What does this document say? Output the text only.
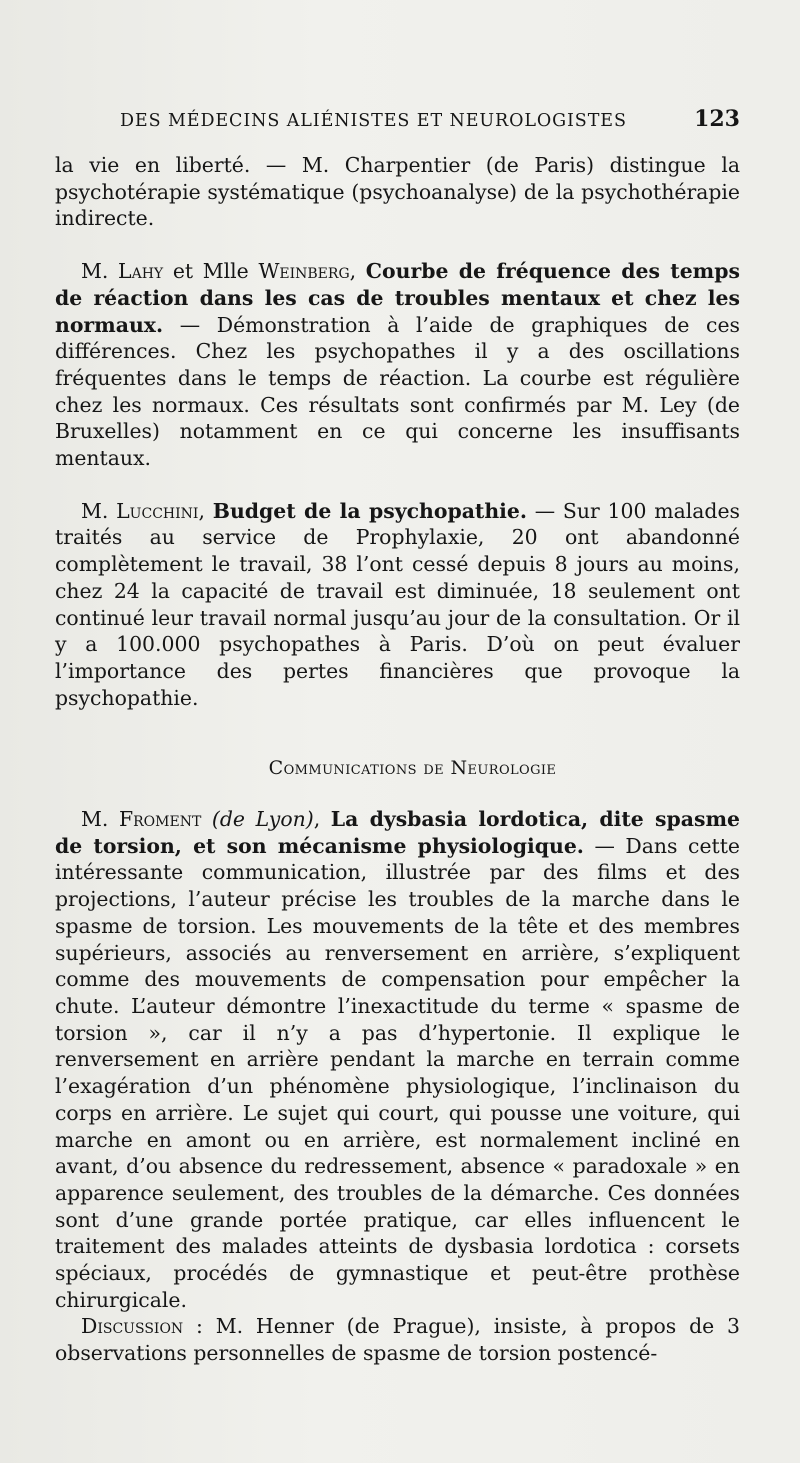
DES MÉDECINS ALIÉNISTES ET NEUROLOGISTES	123

la vie en liberté. — M. Charpentier (de Paris) distingue la psychotérapie systématique (psychoanalyse) de la psychothérapie indirecte.

M. Lahy et Mlle Weinberg, Courbe de fréquence des temps de réaction dans les cas de troubles mentaux et chez les normaux. — Démonstration à l’aide de graphiques de ces différences. Chez les psychopathes il y a des oscillations fréquentes dans le temps de réaction. La courbe est régulière chez les normaux. Ces résultats sont confirmés par M. Ley (de Bruxelles) notamment en ce qui concerne les insuffisants mentaux.

M. Lucchini, Budget de la psychopathie. — Sur 100 malades traités au service de Prophylaxie, 20 ont abandonné complètement le travail, 38 l’ont cessé depuis 8 jours au moins, chez 24 la capacité de travail est diminuée, 18 seulement ont continué leur travail normal jusqu’au jour de la consultation. Or il y a 100.000 psychopathes à Paris. D’où on peut évaluer l’importance des pertes financières que provoque la psychopathie.

Communications de Neurologie

M. Froment (de Lyon), La dysbasia lordotica, dite spasme de torsion, et son mécanisme physiologique. — Dans cette intéressante communication, illustrée par des films et des projections, l’auteur précise les troubles de la marche dans le spasme de torsion. Les mouvements de la tête et des membres supérieurs, associés au renversement en arrière, s’expliquent comme des mouvements de compensation pour empêcher la chute. L’auteur démontre l’inexactitude du terme « spasme de torsion », car il n’y a pas d’hypertonie. Il explique le renversement en arrière pendant la marche en terrain comme l’exagération d’un phénomène physiologique, l’inclinaison du corps en arrière. Le sujet qui court, qui pousse une voiture, qui marche en amont ou en arrière, est normalement incliné en avant, d’ou absence du redressement, absence « paradoxale » en apparence seulement, des troubles de la démarche. Ces données sont d’une grande portée pratique, car elles influencent le traitement des malades atteints de dysbasia lordotica : corsets spéciaux, procédés de gymnastique et peut-être prothèse chirurgicale.

Discussion : M. Henner (de Prague), insiste, à propos de 3 observations personnelles de spasme de torsion postencé-
